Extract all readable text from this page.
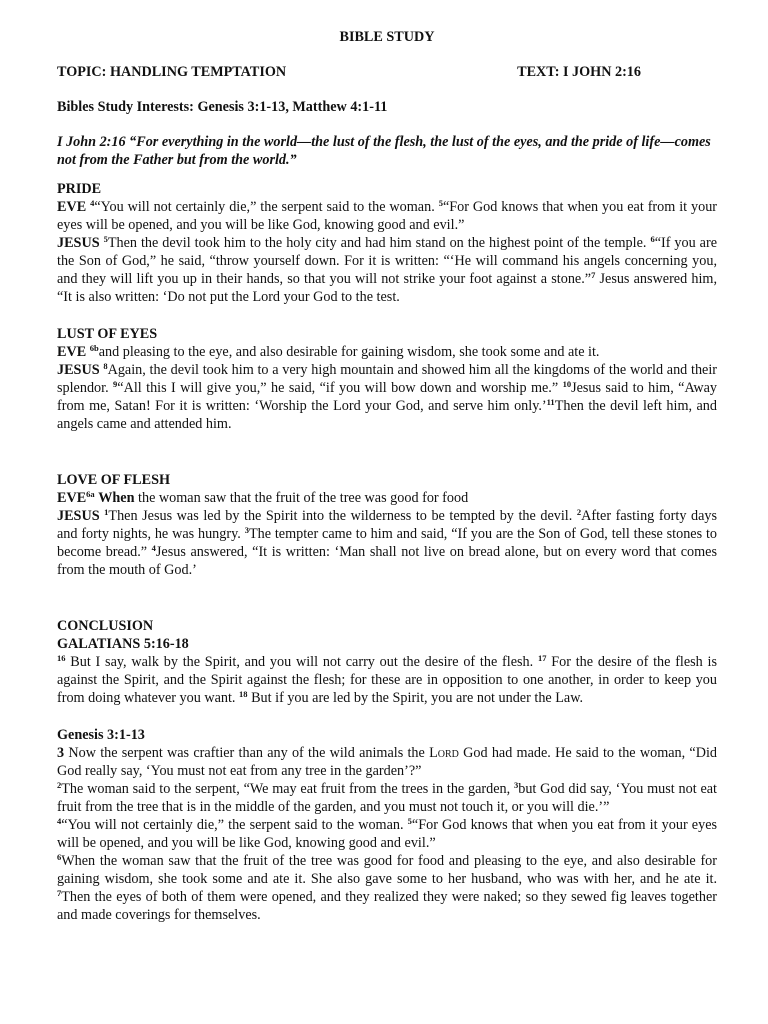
BIBLE STUDY
TOPIC: HANDLING TEMPTATION	TEXT: I JOHN 2:16
Bibles Study Interests: Genesis 3:1-13, Matthew 4:1-11
I John 2:16 “For everything in the world—the lust of the flesh, the lust of the eyes, and the pride of life—comes not from the Father but from the world.”
PRIDE
EVE $^4$“You will not certainly die,” the serpent said to the woman. $^5$“For God knows that when you eat from it your eyes will be opened, and you will be like God, knowing good and evil.”
JESUS $^5$Then the devil took him to the holy city and had him stand on the highest point of the temple. $^6$“If you are the Son of God,” he said, “throw yourself down. For it is written: “‘He will command his angels concerning you, and they will lift you up in their hands, so that you will not strike your foot against a stone.”$^7$ Jesus answered him, “It is also written: ‘Do not put the Lord your God to the test.
LUST OF EYES
EVE $^{6b}$and pleasing to the eye, and also desirable for gaining wisdom, she took some and ate it.
JESUS $^8$Again, the devil took him to a very high mountain and showed him all the kingdoms of the world and their splendor. $^9$“All this I will give you,” he said, “if you will bow down and worship me.” $^{10}$Jesus said to him, “Away from me, Satan! For it is written: ‘Worship the Lord your God, and serve him only.’$^{11}$Then the devil left him, and angels came and attended him.
LOVE OF FLESH
$EVE^{6a}$ When the woman saw that the fruit of the tree was good for food
JESUS $^1$Then Jesus was led by the Spirit into the wilderness to be tempted by the devil. $^2$After fasting forty days and forty nights, he was hungry. $^3$The tempter came to him and said, “If you are the Son of God, tell these stones to become bread.” $^4$Jesus answered, “It is written: ‘Man shall not live on bread alone, but on every word that comes from the mouth of God.’
CONCLUSION
GALATIANS 5:16-18
$^{16}$ But I say, walk by the Spirit, and you will not carry out the desire of the flesh. $^{17}$ For the desire of the flesh is against the Spirit, and the Spirit against the flesh; for these are in opposition to one another, in order to keep you from doing whatever you want. $^{18}$ But if you are led by the Spirit, you are not under the Law.
Genesis 3:1-13
3 Now the serpent was craftier than any of the wild animals the Lord God had made. He said to the woman, “Did God really say, ‘You must not eat from any tree in the garden’?”
$^2$The woman said to the serpent, “We may eat fruit from the trees in the garden, $^3$but God did say, ‘You must not eat fruit from the tree that is in the middle of the garden, and you must not touch it, or you will die.’”
$^4$“You will not certainly die,” the serpent said to the woman. $^5$“For God knows that when you eat from it your eyes will be opened, and you will be like God, knowing good and evil.”
$^6$When the woman saw that the fruit of the tree was good for food and pleasing to the eye, and also desirable for gaining wisdom, she took some and ate it. She also gave some to her husband, who was with her, and he ate it. $^7$Then the eyes of both of them were opened, and they realized they were naked; so they sewed fig leaves together and made coverings for themselves.
